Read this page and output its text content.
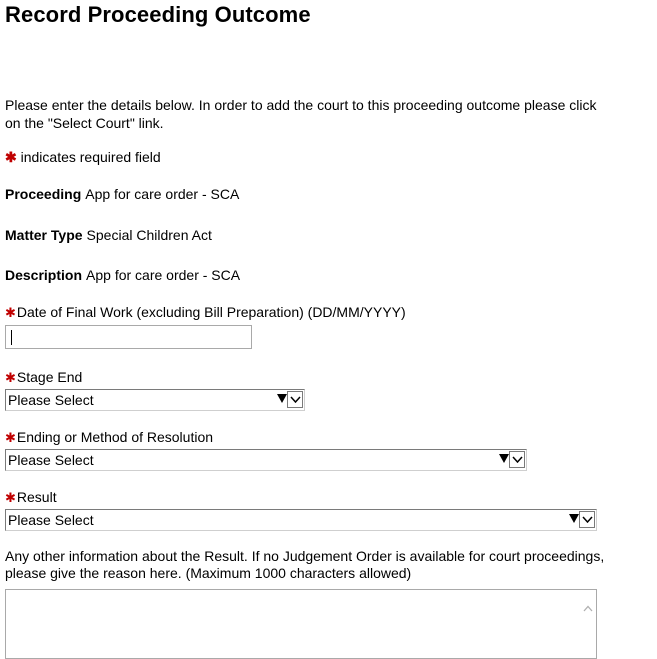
Record Proceeding Outcome
Please enter the details below. In order to add the court to this proceeding outcome please click on the "Select Court" link.
✱ indicates required field
Proceeding App for care order - SCA
Matter Type Special Children Act
Description App for care order - SCA
✱Date of Final Work (excluding Bill Preparation) (DD/MM/YYYY)
✱Stage End
Please Select
✱Ending or Method of Resolution
Please Select
✱Result
Please Select
Any other information about the Result. If no Judgement Order is available for court proceedings, please give the reason here. (Maximum 1000 characters allowed)
